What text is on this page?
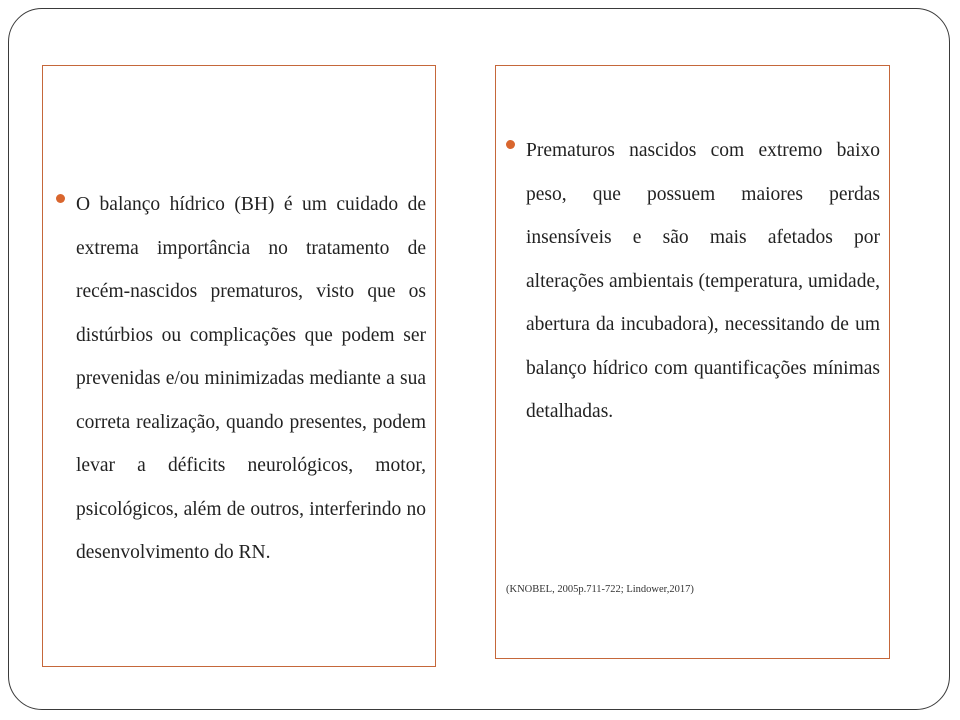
O balanço hídrico (BH) é um cuidado de extrema importância no tratamento de recém-nascidos prematuros, visto que os distúrbios ou complicações que podem ser prevenidas e/ou minimizadas mediante a sua correta realização, quando presentes, podem levar a déficits neurológicos, motor, psicológicos, além de outros, interferindo no desenvolvimento do RN.

Prematuros nascidos com extremo baixo peso, que possuem maiores perdas insensíveis e são mais afetados por alterações ambientais (temperatura, umidade, abertura da incubadora), necessitando de um balanço hídrico com quantificações mínimas detalhadas.

(KNOBEL, 2005p.711-722; Lindower,2017)
